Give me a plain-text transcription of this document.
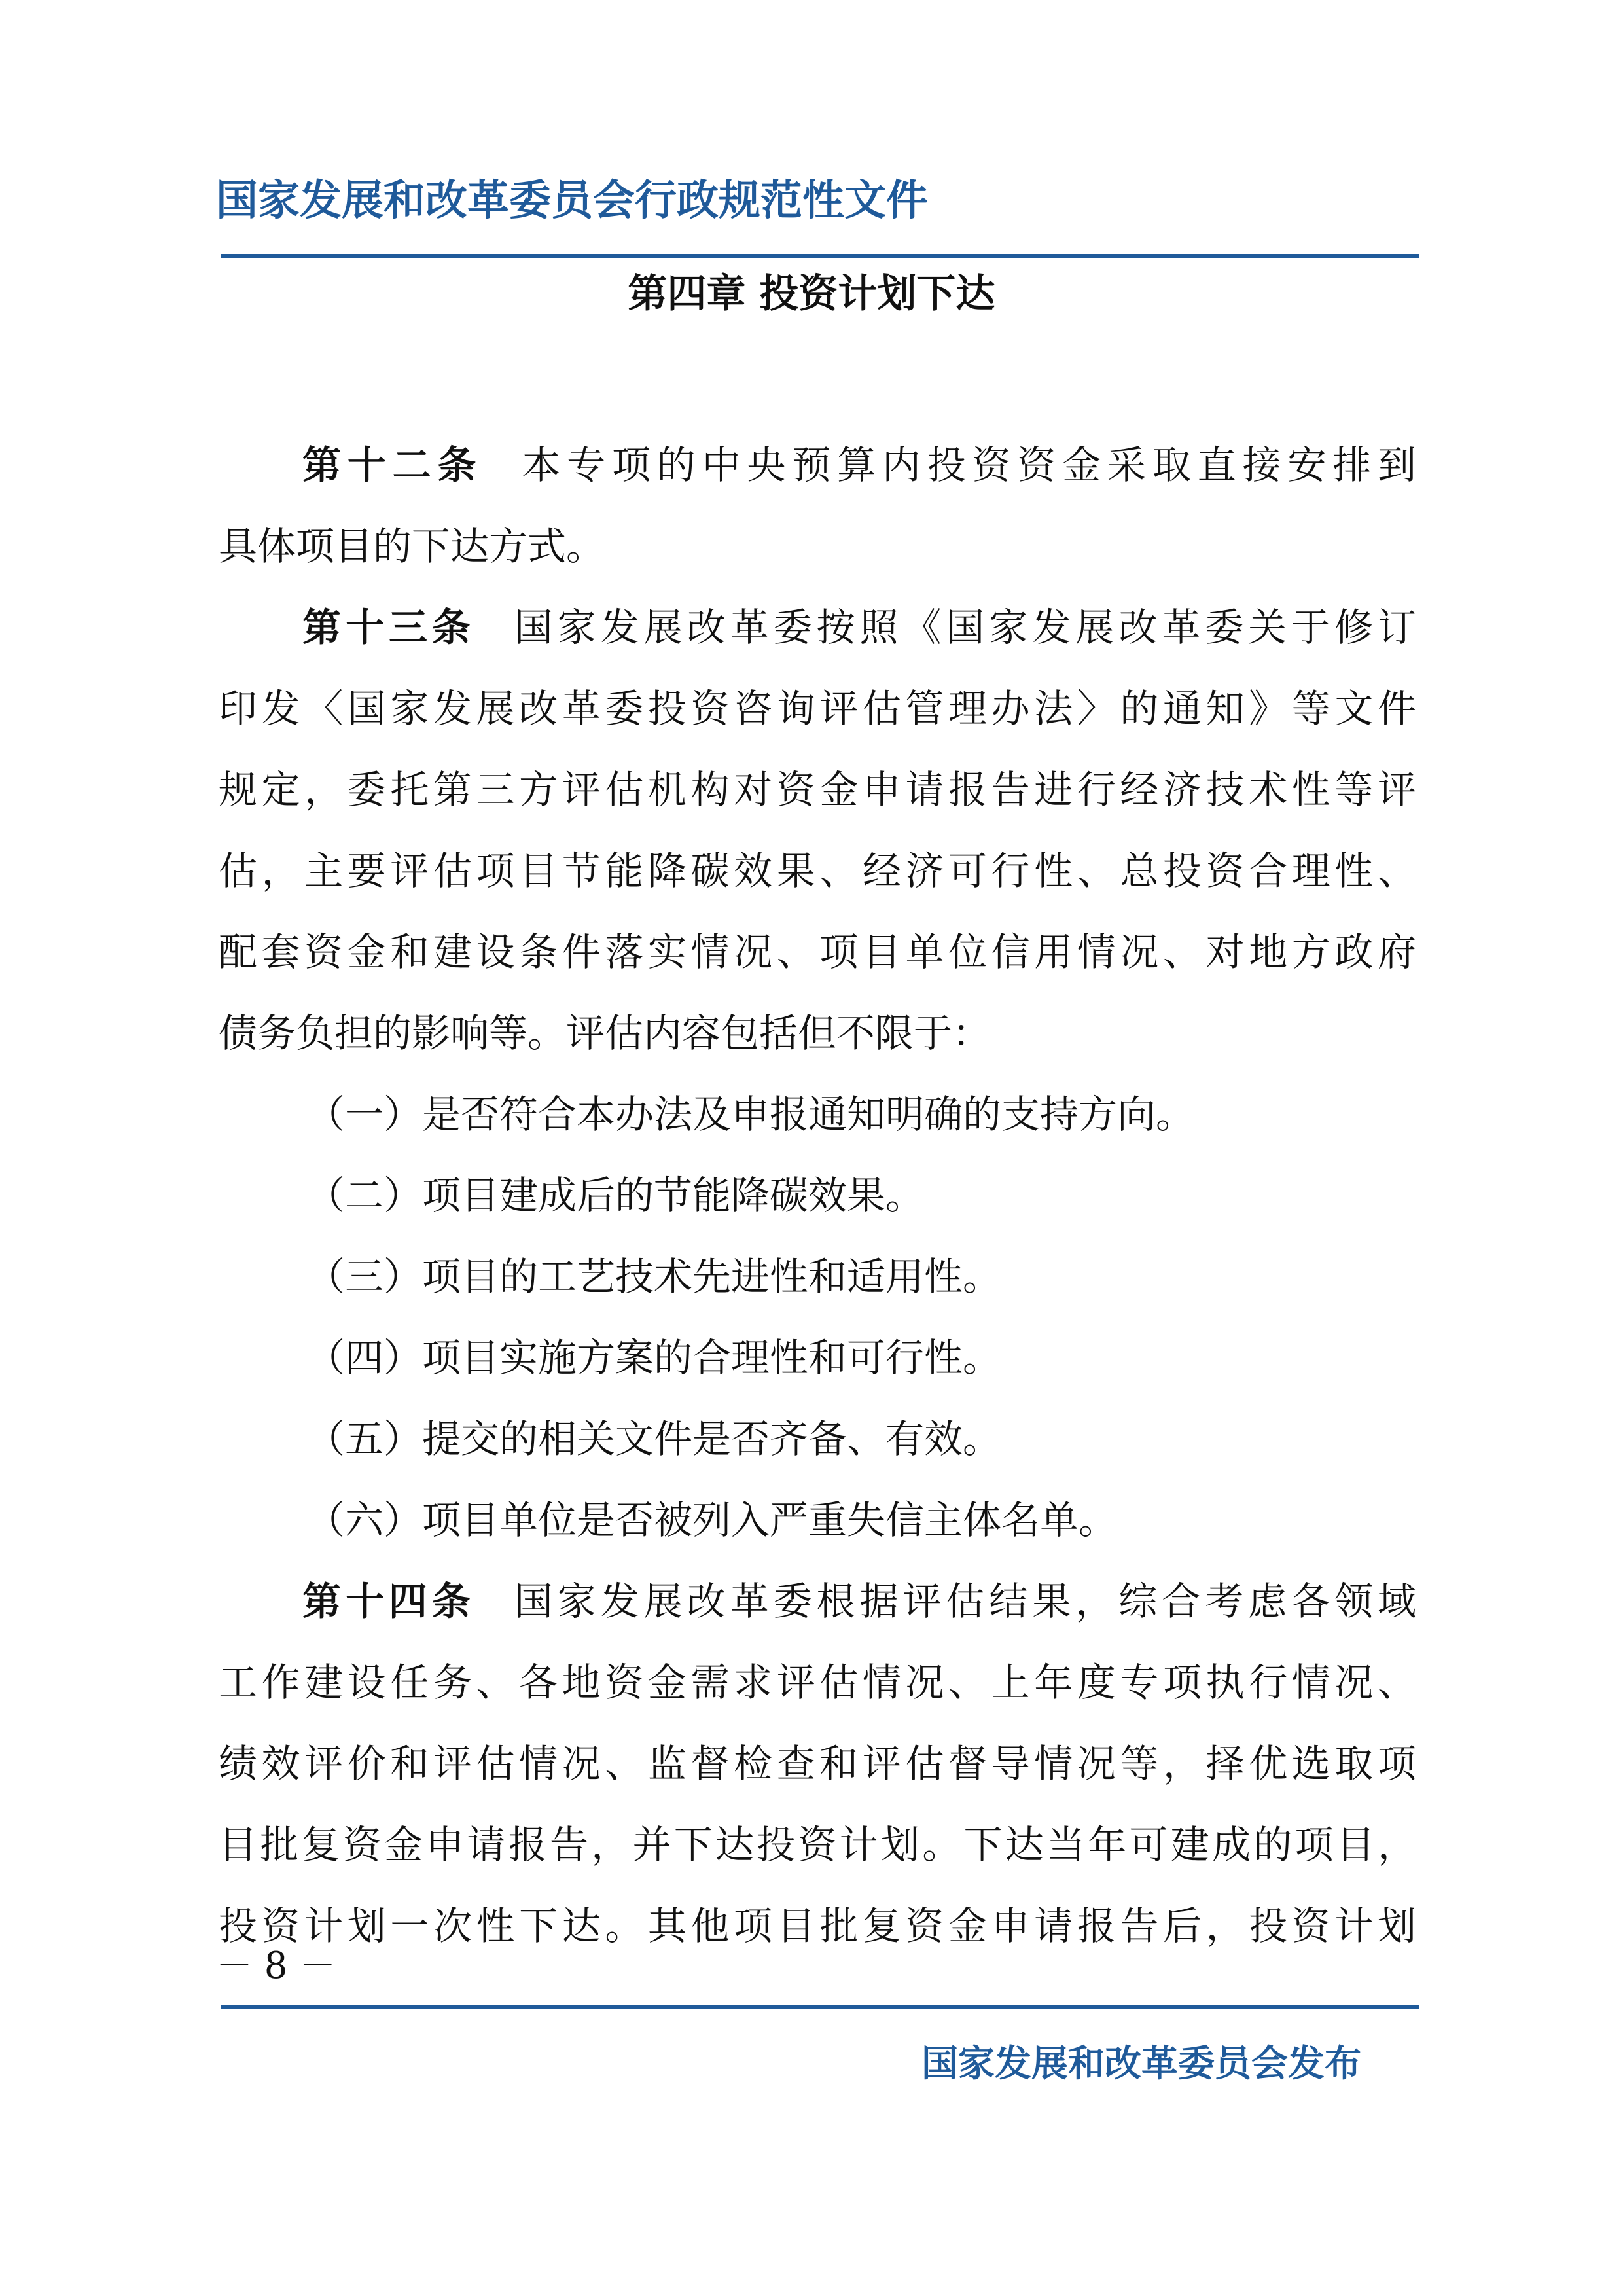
国家发展和改革委员会行政规范性文件
第四章 投资计划下达
第十二条 本专项的中央预算内投资资金采取直接安排到
具体项目的下达方式。
第十三条 国家发展改革委按照《国家发展改革委关于修订
印发〈国家发展改革委投资咨询评估管理办法〉的通知》等文件
规定，委托第三方评估机构对资金申请报告进行经济技术性等评
估，主要评估项目节能降碳效果、经济可行性、总投资合理性、
配套资金和建设条件落实情况、项目单位信用情况、对地方政府
债务负担的影响等。评估内容包括但不限于：
（一）是否符合本办法及申报通知明确的支持方向。
（二）项目建成后的节能降碳效果。
（三）项目的工艺技术先进性和适用性。
（四）项目实施方案的合理性和可行性。
（五）提交的相关文件是否齐备、有效。
（六）项目单位是否被列入严重失信主体名单。
第十四条 国家发展改革委根据评估结果，综合考虑各领域
工作建设任务、各地资金需求评估情况、上年度专项执行情况、
绩效评价和评估情况、监督检查和评估督导情况等，择优选取项
目批复资金申请报告，并下达投资计划。下达当年可建成的项目，
投资计划一次性下达。其他项目批复资金申请报告后，投资计划
－ 8 －
国家发展和改革委员会发布
